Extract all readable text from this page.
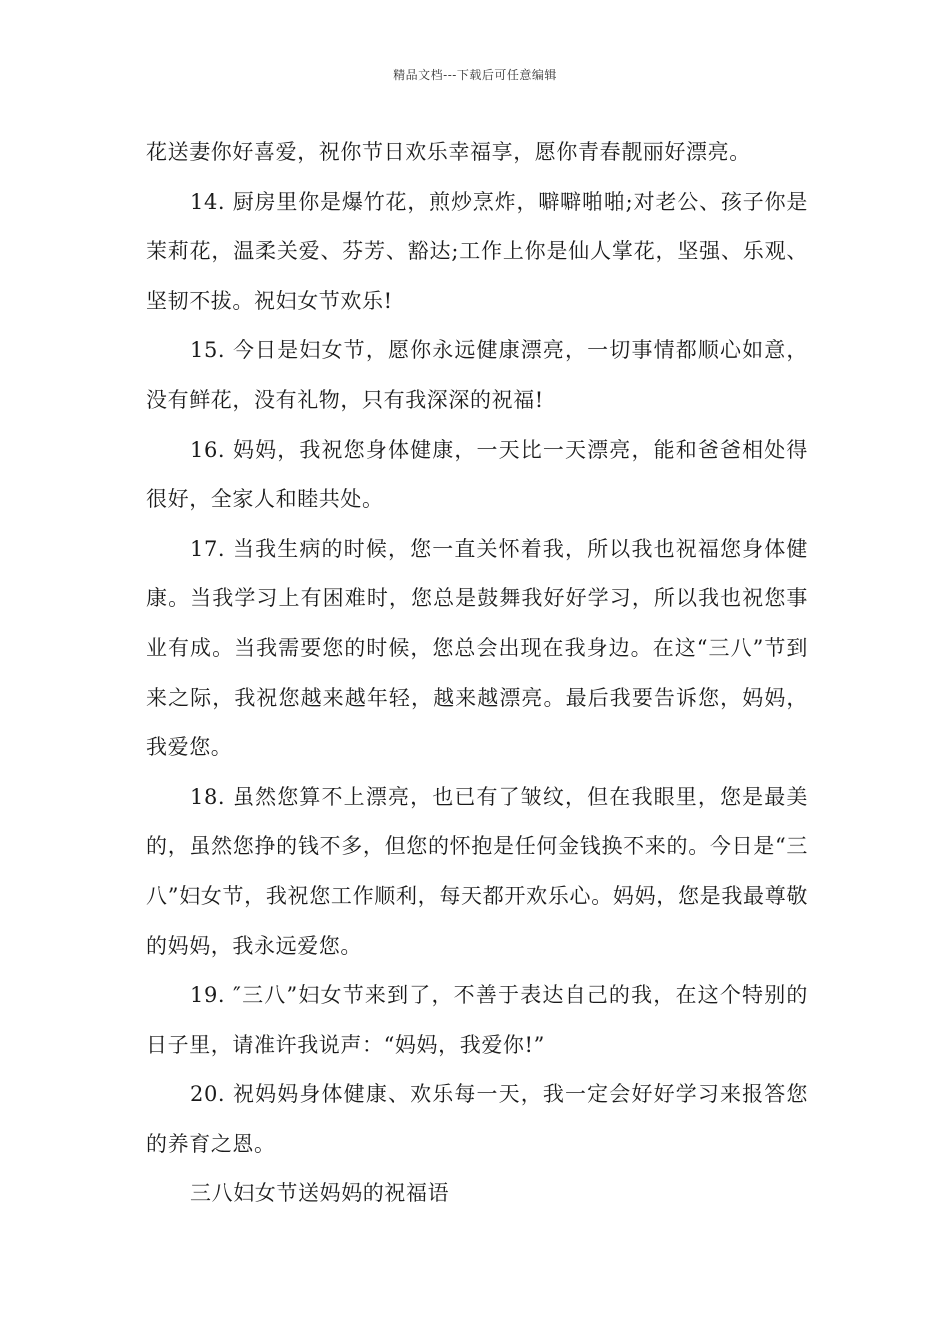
精品文档---下载后可任意编辑

花送妻你好喜爱，祝你节日欢乐幸福享，愿你青春靓丽好漂亮。

14. 厨房里你是爆竹花，煎炒烹炸，噼噼啪啪;对老公、孩子你是茉莉花，温柔关爱、芬芳、豁达;工作上你是仙人掌花，坚强、乐观、坚韧不拔。祝妇女节欢乐!

15. 今日是妇女节，愿你永远健康漂亮，一切事情都顺心如意，没有鲜花，没有礼物，只有我深深的祝福!

16. 妈妈，我祝您身体健康，一天比一天漂亮，能和爸爸相处得很好，全家人和睦共处。

17. 当我生病的时候，您一直关怀着我，所以我也祝福您身体健康。当我学习上有困难时，您总是鼓舞我好好学习，所以我也祝您事业有成。当我需要您的时候，您总会出现在我身边。在这“三八”节到来之际，我祝您越来越年轻，越来越漂亮。最后我要告诉您，妈妈，我爱您。

18. 虽然您算不上漂亮，也已有了皱纹，但在我眼里，您是最美的，虽然您挣的钱不多，但您的怀抱是任何金钱换不来的。今日是“三八”妇女节，我祝您工作顺利，每天都开欢乐心。妈妈，您是我最尊敬的妈妈，我永远爱您。

19. ″三八”妇女节来到了，不善于表达自己的我，在这个特别的日子里，请准许我说声：“妈妈，我爱你!”

20. 祝妈妈身体健康、欢乐每一天，我一定会好好学习来报答您的养育之恩。

三八妇女节送妈妈的祝福语
